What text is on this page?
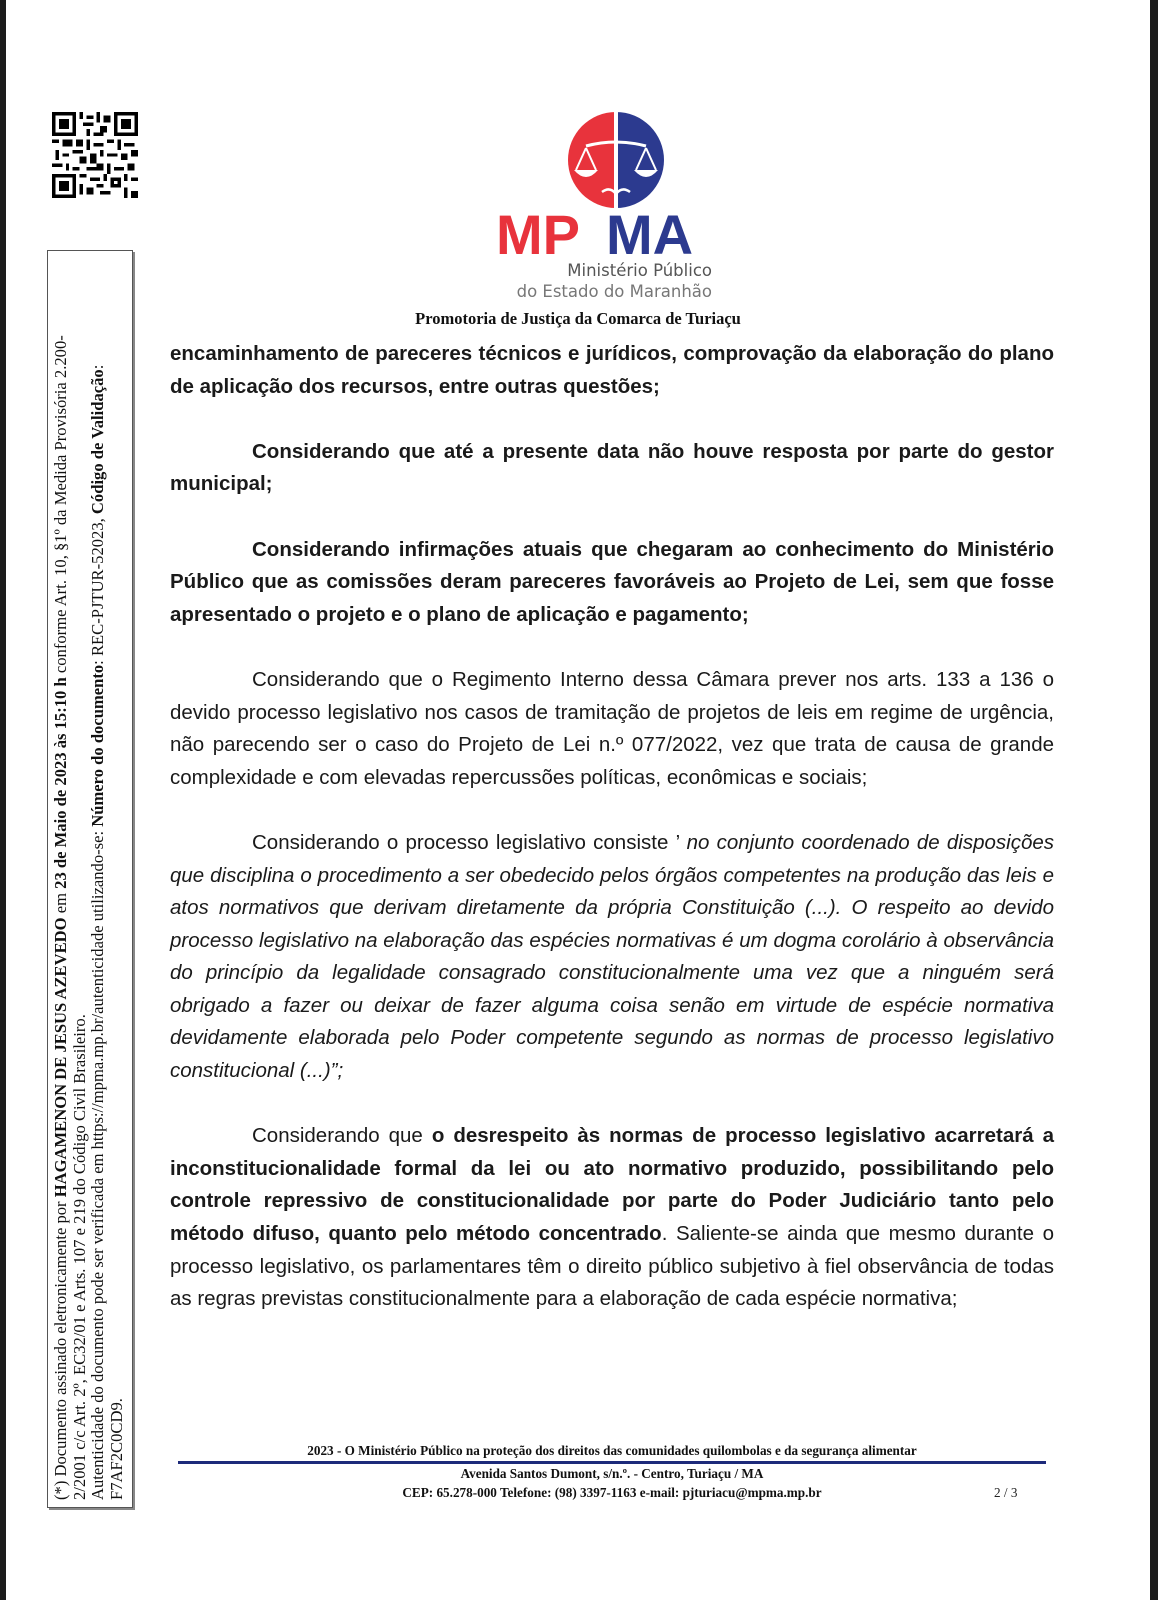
(*) Documento assinado eletronicamente por HAGAMENON DE JESUS AZEVEDO em 23 de Maio de 2023 às 15:10 h conforme Art. 10, §1º da Medida Provisória 2.200-
2/2001 c/c Art. 2º, EC32/01 e Arts. 107 e 219 do Código Civil Brasileiro. Autenticidade do documento pode ser verificada em https://mpma.mp.br/autenticidade utilizando-se: Número do documento: REC-PJTUR-52023, Código de Validação:
F7AF2C0CD9.
MP MA
Ministério Público
do Estado do Maranhão
Promotoria de Justiça da Comarca de Turiaçu

encaminhamento de pareceres técnicos e jurídicos, comprovação da elaboração do plano de aplicação dos recursos, entre outras questões;

Considerando que até a presente data não houve resposta por parte do gestor municipal;

Considerando infirmações atuais que chegaram ao conhecimento do Ministério Público que as comissões deram pareceres favoráveis ao Projeto de Lei, sem que fosse apresentado o projeto e o plano de aplicação e pagamento;

Considerando que o Regimento Interno dessa Câmara prever nos arts. 133 a 136 o devido processo legislativo nos casos de tramitação de projetos de leis em regime de urgência, não parecendo ser o caso do Projeto de Lei n.º 077/2022, vez que trata de causa de grande complexidade e com elevadas repercussões políticas, econômicas e sociais;

Considerando o processo legislativo consiste ’ no conjunto coordenado de disposições que disciplina o procedimento a ser obedecido pelos órgãos competentes na produção das leis e atos normativos que derivam diretamente da própria Constituição (...). O respeito ao devido processo legislativo na elaboração das espécies normativas é um dogma corolário à observância do princípio da legalidade consagrado constitucionalmente uma vez que a ninguém será obrigado a fazer ou deixar de fazer alguma coisa senão em virtude de espécie normativa devidamente elaborada pelo Poder competente segundo as normas de processo legislativo constitucional (...)”;

Considerando que o desrespeito às normas de processo legislativo acarretará a inconstitucionalidade formal da lei ou ato normativo produzido, possibilitando pelo controle repressivo de constitucionalidade por parte do Poder Judiciário tanto pelo método difuso, quanto pelo método concentrado. Saliente-se ainda que mesmo durante o processo legislativo, os parlamentares têm o direito público subjetivo à fiel observância de todas as regras previstas constitucionalmente para a elaboração de cada espécie normativa;

2023 - O Ministério Público na proteção dos direitos das comunidades quilombolas e da segurança alimentar
Avenida Santos Dumont, s/n.º. - Centro, Turiaçu / MA
CEP: 65.278-000 Telefone: (98) 3397-1163 e-mail: pjturiacu@mpma.mp.br	2 / 3
